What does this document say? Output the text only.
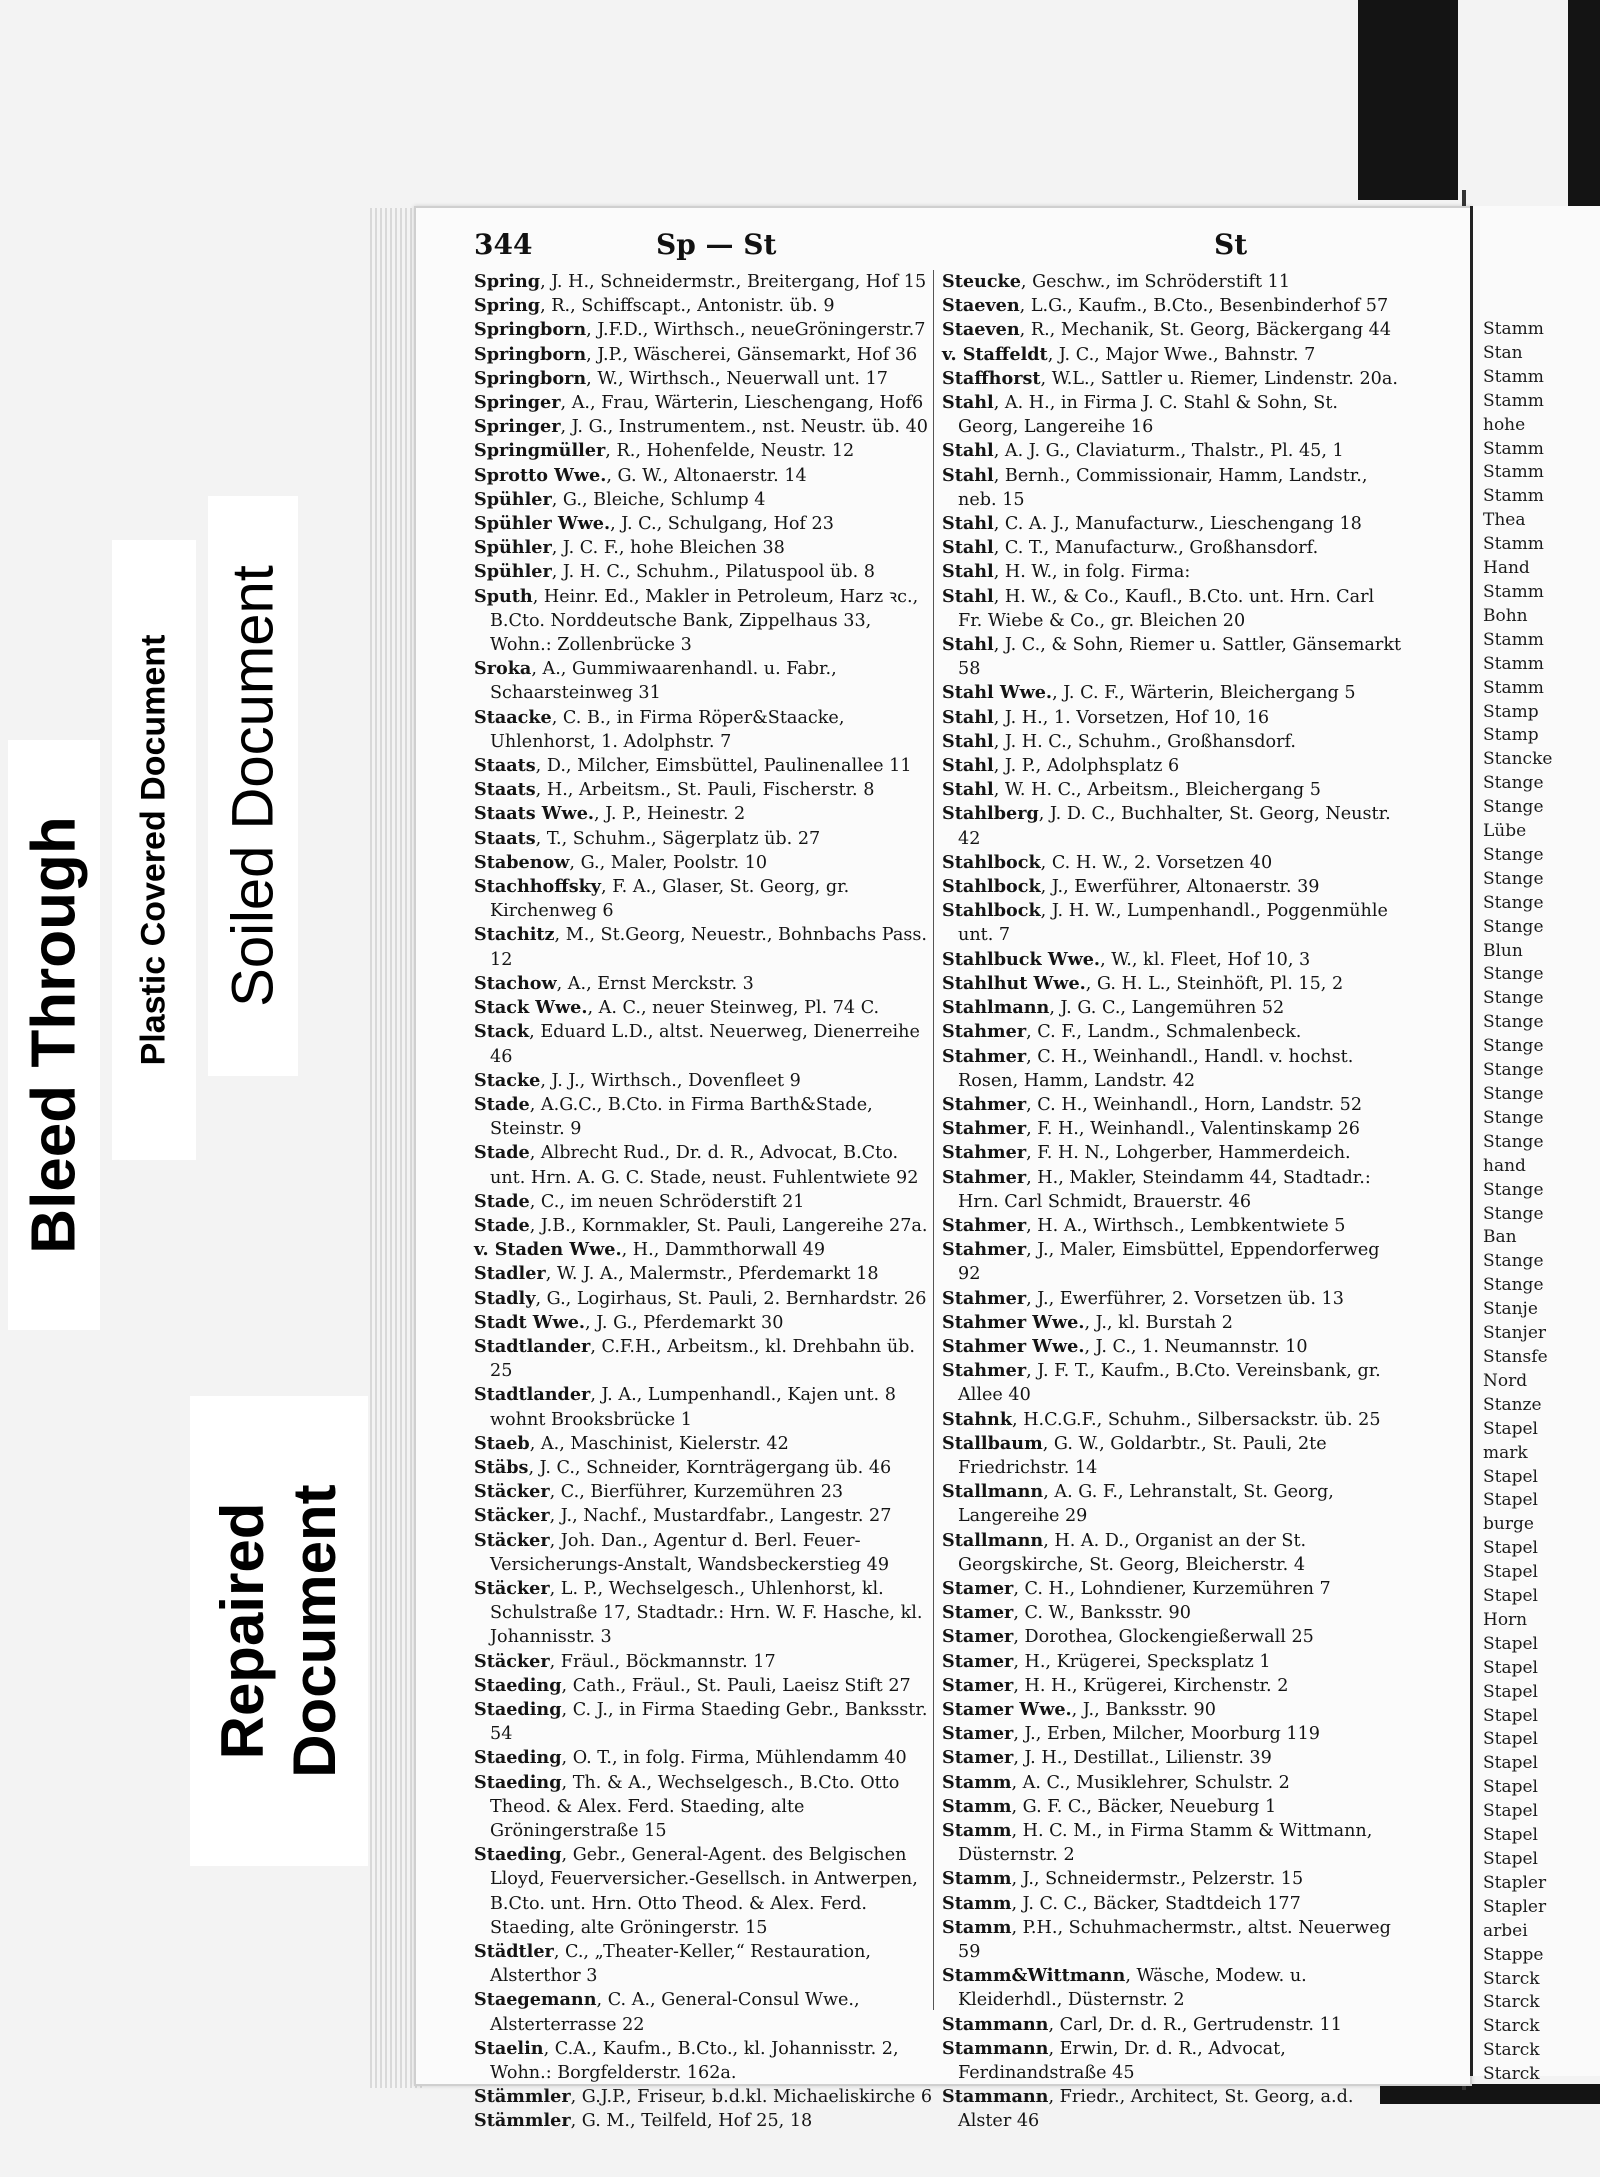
Bleed Through Plastic Covered Document Soiled Document
Repaired Document
344	Sp — St	St

Spring, J. H., Schneidermstr., Breitergang, Hof 15

Spring, R., Schiffscapt., Antonistr. üb. 9

Springborn, J.F.D., Wirthsch., neueGröningerstr.7

Springborn, J.P., Wäscherei, Gänsemarkt, Hof 36

Springborn, W., Wirthsch., Neuerwall unt. 17

Springer, A., Frau, Wärterin, Lieschengang, Hof6

Springer, J. G., Instrumentem., nst. Neustr. üb. 40

Springmüller, R., Hohenfelde, Neustr. 12

Sprotto Wwe., G. W., Altonaerstr. 14

Spühler, G., Bleiche, Schlump 4

Spühler Wwe., J. C., Schulgang, Hof 23

Spühler, J. C. F., hohe Bleichen 38

Spühler, J. H. C., Schuhm., Pilatuspool üb. 8

Sputh, Heinr. Ed., Makler in Petroleum, Harz ꝛc., B.Cto. Norddeutsche Bank, Zippelhaus 33, Wohn.: Zollenbrücke 3

Sroka, A., Gummiwaarenhandl. u. Fabr., Schaarsteinweg 31

Staacke, C. B., in Firma Röper&Staacke, Uhlenhorst, 1. Adolphstr. 7

Staats, D., Milcher, Eimsbüttel, Paulinenallee 11

Staats, H., Arbeitsm., St. Pauli, Fischerstr. 8

Staats Wwe., J. P., Heinestr. 2

Staats, T., Schuhm., Sägerplatz üb. 27

Stabenow, G., Maler, Poolstr. 10

Stachhoffsky, F. A., Glaser, St. Georg, gr. Kirchenweg 6

Stachitz, M., St.Georg, Neuestr., Bohnbachs Pass. 12

Stachow, A., Ernst Merckstr. 3

Stack Wwe., A. C., neuer Steinweg, Pl. 74 C.

Stack, Eduard L.D., altst. Neuerweg, Dienerreihe 46

Stacke, J. J., Wirthsch., Dovenfleet 9

Stade, A.G.C., B.Cto. in Firma Barth&Stade, Steinstr. 9

Stade, Albrecht Rud., Dr. d. R., Advocat, B.Cto. unt. Hrn. A. G. C. Stade, neust. Fuhlentwiete 92

Stade, C., im neuen Schröderstift 21

Stade, J.B., Kornmakler, St. Pauli, Langereihe 27a.

v. Staden Wwe., H., Dammthorwall 49

Stadler, W. J. A., Malermstr., Pferdemarkt 18

Stadly, G., Logirhaus, St. Pauli, 2. Bernhardstr. 26

Stadt Wwe., J. G., Pferdemarkt 30

Stadtlander, C.F.H., Arbeitsm., kl. Drehbahn üb. 25

Stadtlander, J. A., Lumpenhandl., Kajen unt. 8 wohnt Brooksbrücke 1

Staeb, A., Maschinist, Kielerstr. 42

Stäbs, J. C., Schneider, Kornträgergang üb. 46

Stäcker, C., Bierführer, Kurzemühren 23

Stäcker, J., Nachf., Mustardfabr., Langestr. 27

Stäcker, Joh. Dan., Agentur d. Berl. Feuer-Versicherungs-Anstalt, Wandsbeckerstieg 49

Stäcker, L. P., Wechselgesch., Uhlenhorst, kl. Schulstraße 17, Stadtadr.: Hrn. W. F. Hasche, kl. Johannisstr. 3

Stäcker, Fräul., Böckmannstr. 17

Staeding, Cath., Fräul., St. Pauli, Laeisz Stift 27

Staeding, C. J., in Firma Staeding Gebr., Banksstr. 54

Staeding, O. T., in folg. Firma, Mühlendamm 40

Staeding, Th. & A., Wechselgesch., B.Cto. Otto Theod. & Alex. Ferd. Staeding, alte Gröningerstraße 15

Staeding, Gebr., General-Agent. des Belgischen Lloyd, Feuerversicher.-Gesellsch. in Antwerpen, B.Cto. unt. Hrn. Otto Theod. & Alex. Ferd. Staeding, alte Gröningerstr. 15

Städtler, C., „Theater-Keller,“ Restauration, Alsterthor 3

Staegemann, C. A., General-Consul Wwe., Alsterterrasse 22

Staelin, C.A., Kaufm., B.Cto., kl. Johannisstr. 2, Wohn.: Borgfelderstr. 162a.

Stämmler, G.J.P., Friseur, b.d.kl. Michaeliskirche 6

Stämmler, G. M., Teilfeld, Hof 25, 18

Steucke, Geschw., im Schröderstift 11

Staeven, L.G., Kaufm., B.Cto., Besenbinderhof 57

Staeven, R., Mechanik, St. Georg, Bäckergang 44

v. Staffeldt, J. C., Major Wwe., Bahnstr. 7

Staffhorst, W.L., Sattler u. Riemer, Lindenstr. 20a.

Stahl, A. H., in Firma J. C. Stahl & Sohn, St. Georg, Langereihe 16

Stahl, A. J. G., Claviaturm., Thalstr., Pl. 45, 1

Stahl, Bernh., Commissionair, Hamm, Landstr., neb. 15

Stahl, C. A. J., Manufacturw., Lieschengang 18

Stahl, C. T., Manufacturw., Großhansdorf.

Stahl, H. W., in folg. Firma:

Stahl, H. W., & Co., Kaufl., B.Cto. unt. Hrn. Carl Fr. Wiebe & Co., gr. Bleichen 20

Stahl, J. C., & Sohn, Riemer u. Sattler, Gänsemarkt 58

Stahl Wwe., J. C. F., Wärterin, Bleichergang 5

Stahl, J. H., 1. Vorsetzen, Hof 10, 16

Stahl, J. H. C., Schuhm., Großhansdorf.

Stahl, J. P., Adolphsplatz 6

Stahl, W. H. C., Arbeitsm., Bleichergang 5

Stahlberg, J. D. C., Buchhalter, St. Georg, Neustr. 42

Stahlbock, C. H. W., 2. Vorsetzen 40

Stahlbock, J., Ewerführer, Altonaerstr. 39

Stahlbock, J. H. W., Lumpenhandl., Poggenmühle unt. 7

Stahlbuck Wwe., W., kl. Fleet, Hof 10, 3

Stahlhut Wwe., G. H. L., Steinhöft, Pl. 15, 2

Stahlmann, J. G. C., Langemühren 52

Stahmer, C. F., Landm., Schmalenbeck.

Stahmer, C. H., Weinhandl., Handl. v. hochst. Rosen, Hamm, Landstr. 42

Stahmer, C. H., Weinhandl., Horn, Landstr. 52

Stahmer, F. H., Weinhandl., Valentinskamp 26

Stahmer, F. H. N., Lohgerber, Hammerdeich.

Stahmer, H., Makler, Steindamm 44, Stadtadr.: Hrn. Carl Schmidt, Brauerstr. 46

Stahmer, H. A., Wirthsch., Lembkentwiete 5

Stahmer, J., Maler, Eimsbüttel, Eppendorferweg 92

Stahmer, J., Ewerführer, 2. Vorsetzen üb. 13

Stahmer Wwe., J., kl. Burstah 2

Stahmer Wwe., J. C., 1. Neumannstr. 10

Stahmer, J. F. T., Kaufm., B.Cto. Vereinsbank, gr. Allee 40

Stahnk, H.C.G.F., Schuhm., Silbersackstr. üb. 25

Stallbaum, G. W., Goldarbtr., St. Pauli, 2te Friedrichstr. 14

Stallmann, A. G. F., Lehranstalt, St. Georg, Langereihe 29

Stallmann, H. A. D., Organist an der St. Georgskirche, St. Georg, Bleicherstr. 4

Stamer, C. H., Lohndiener, Kurzemühren 7

Stamer, C. W., Banksstr. 90

Stamer, Dorothea, Glockengießerwall 25

Stamer, H., Krügerei, Specksplatz 1

Stamer, H. H., Krügerei, Kirchenstr. 2

Stamer Wwe., J., Banksstr. 90

Stamer, J., Erben, Milcher, Moorburg 119

Stamer, J. H., Destillat., Lilienstr. 39

Stamm, A. C., Musiklehrer, Schulstr. 2

Stamm, G. F. C., Bäcker, Neueburg 1

Stamm, H. C. M., in Firma Stamm & Wittmann, Düsternstr. 2

Stamm, J., Schneidermstr., Pelzerstr. 15

Stamm, J. C. C., Bäcker, Stadtdeich 177

Stamm, P.H., Schuhmachermstr., altst. Neuerweg 59

Stamm&Wittmann, Wäsche, Modew. u. Kleiderhdl., Düsternstr. 2

Stammann, Carl, Dr. d. R., Gertrudenstr. 11

Stammann, Erwin, Dr. d. R., Advocat, Ferdinandstraße 45

Stammann, Friedr., Architect, St. Georg, a.d. Alster 46

Stamm
Stan
Stamm
Stamm
hohe
Stamm
Stamm
Stamm
Thea
Stamm
Hand
Stamm
Bohn
Stamm
Stamm
Stamm
Stamp
Stamp
Stancke
Stange
Stange
Lübe
Stange
Stange
Stange
Stange
Blun
Stange
Stange
Stange
Stange
Stange
Stange
Stange
Stange
hand
Stange
Stange
Ban
Stange
Stange
Stanje
Stanjer
Stansfe
Nord
Stanze
Stapel
mark
Stapel
Stapel
burge
Stapel
Stapel
Stapel
Horn
Stapel
Stapel
Stapel
Stapel
Stapel
Stapel
Stapel
Stapel
Stapel
Stapel
Stapler
Stapler
arbei
Stappe
Starck
Starck
Starck
Starck
Starck
